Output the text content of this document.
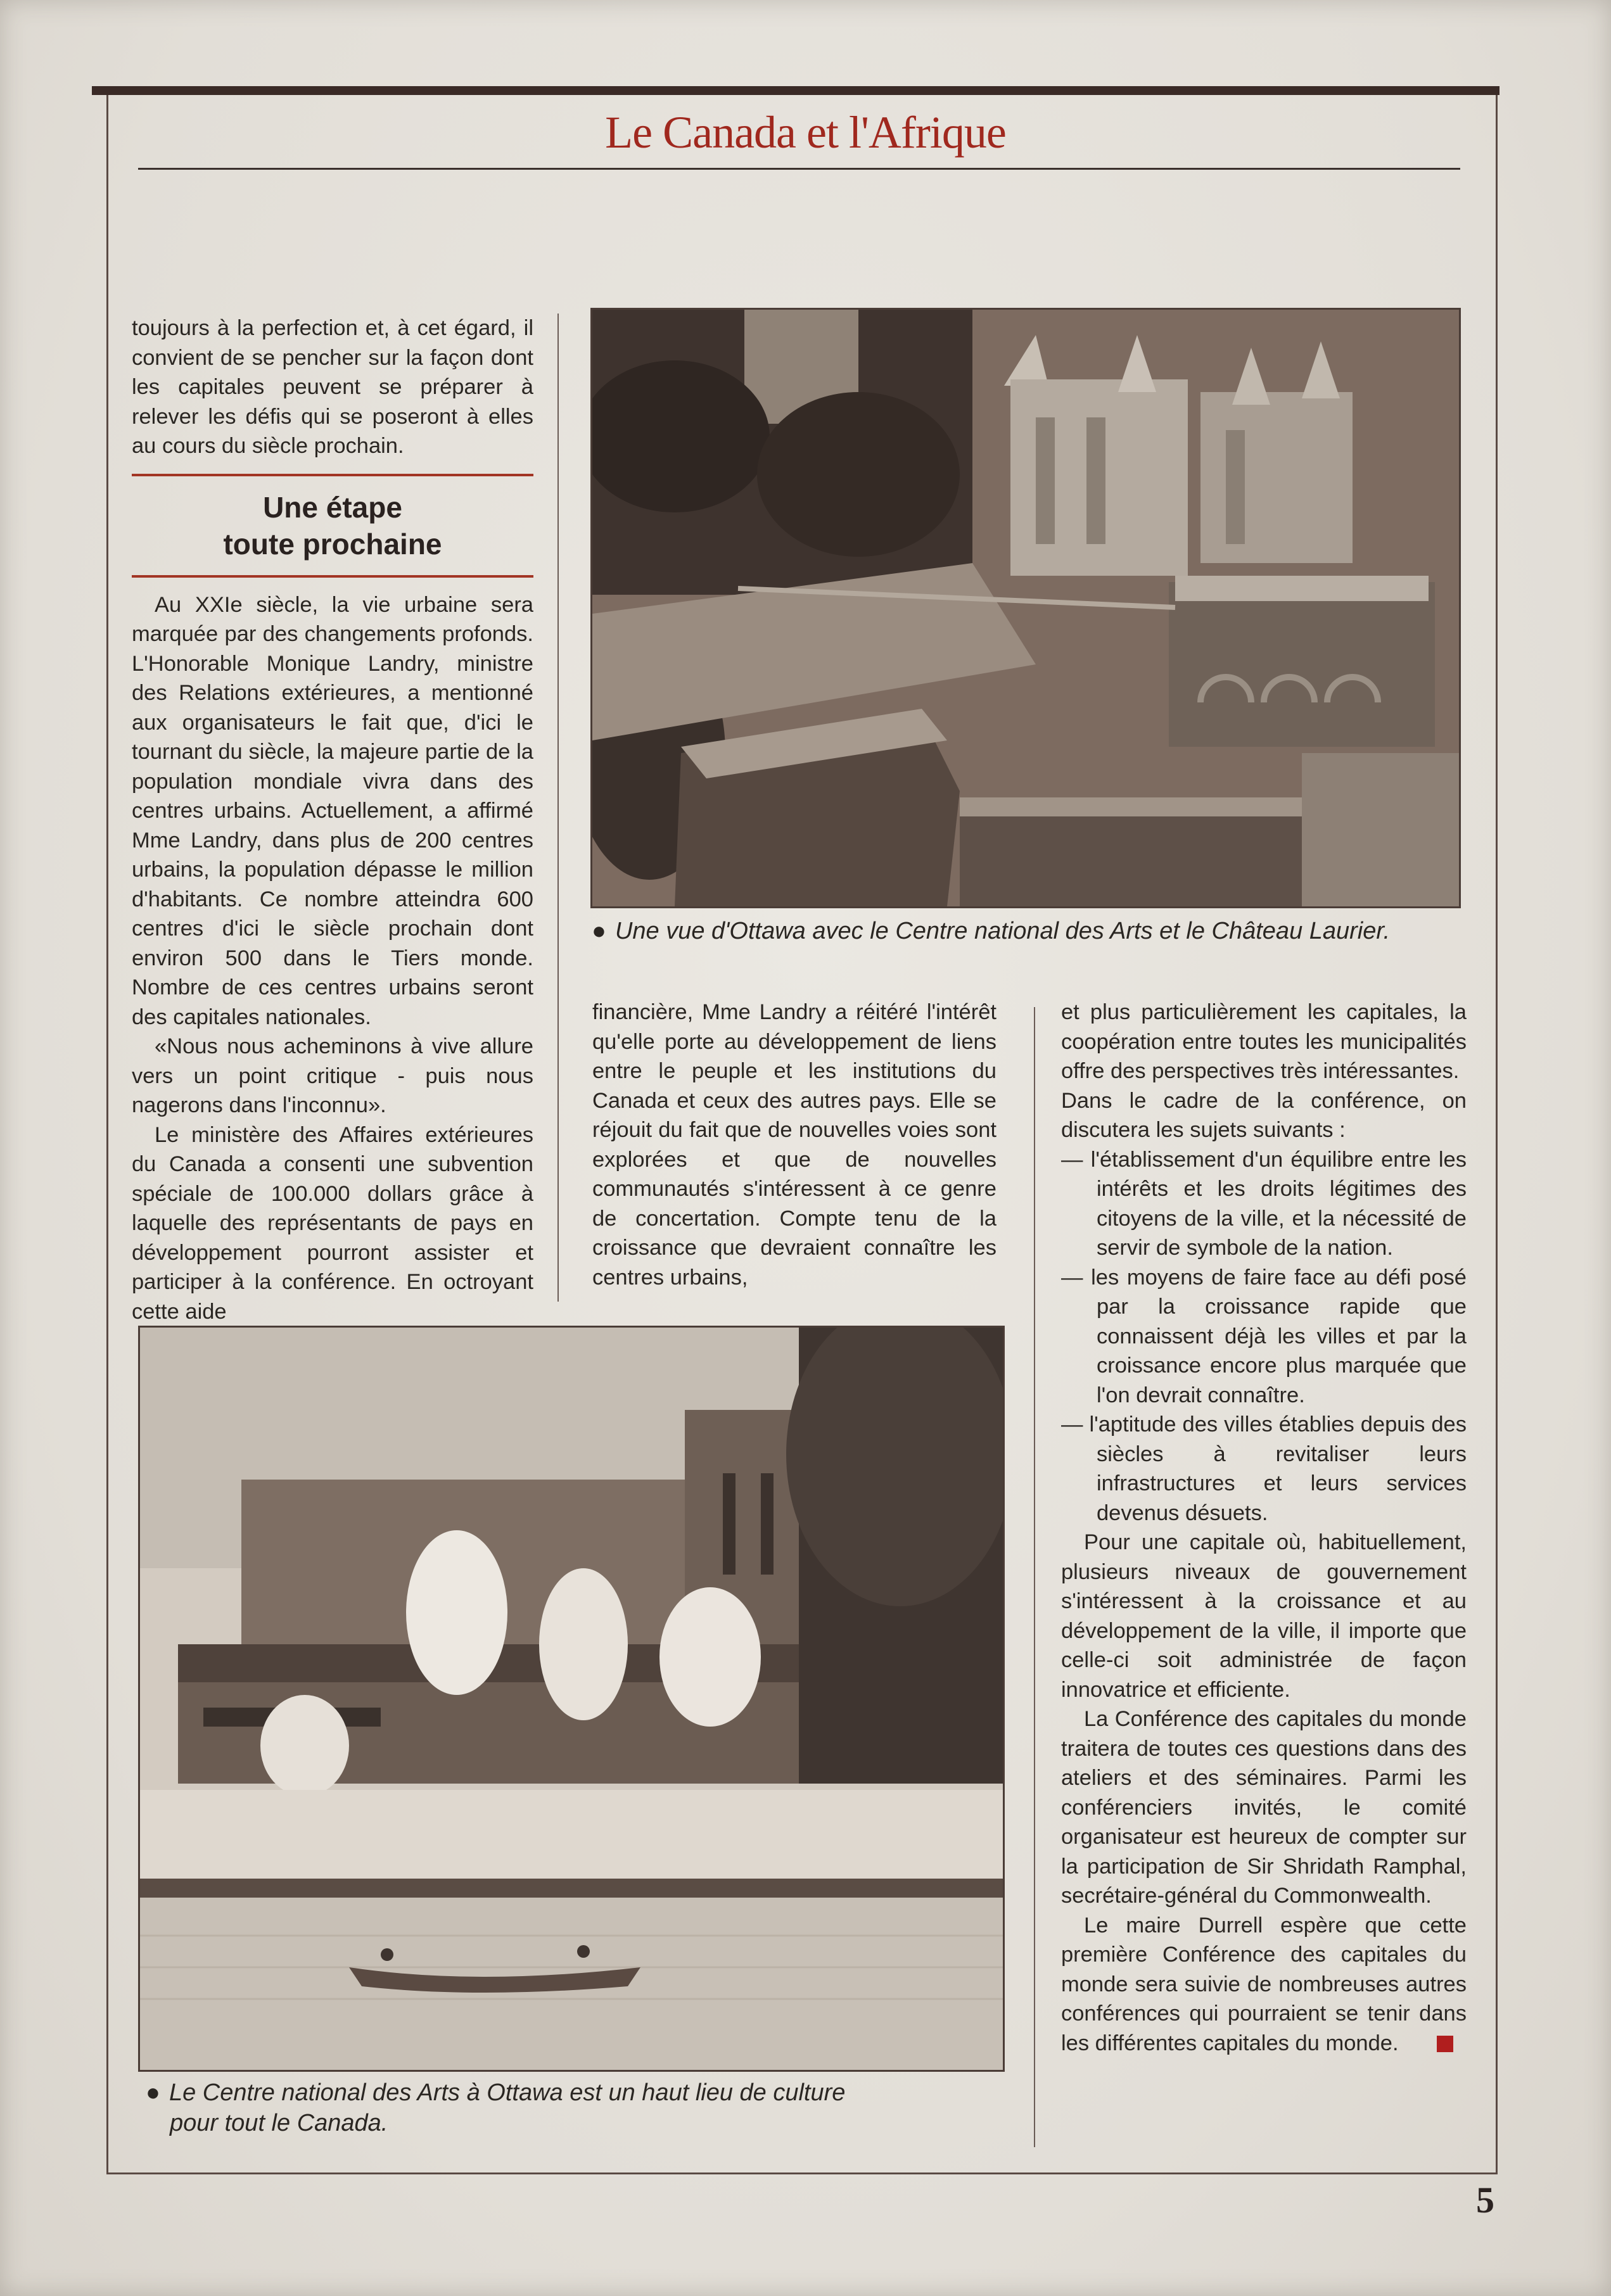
Le Canada et l'Afrique

toujours à la perfection et, à cet égard, il convient de se pencher sur la façon dont les capitales peuvent se préparer à relever les défis qui se poseront à elles au cours du siècle prochain.

Une étape
toute prochaine

Au XXIe siècle, la vie urbaine sera marquée par des changements profonds. L'Honorable Monique Landry, ministre des Relations extérieures, a mentionné aux organisateurs le fait que, d'ici le tournant du siècle, la majeure partie de la population mondiale vivra dans des centres urbains. Actuellement, a affirmé Mme Landry, dans plus de 200 centres urbains, la population dépasse le million d'habitants. Ce nombre atteindra 600 centres d'ici le siècle prochain dont environ 500 dans le Tiers monde. Nombre de ces centres urbains seront des capitales nationales.

«Nous nous acheminons à vive allure vers un point critique - puis nous nagerons dans l'inconnu».

Le ministère des Affaires extérieures du Canada a consenti une subvention spéciale de 100.000 dollars grâce à laquelle des représentants de pays en développement pourront assister et participer à la conférence. En octroyant cette aide

● Une vue d'Ottawa avec le Centre national des Arts et le Château Laurier.

financière, Mme Landry a réitéré l'intérêt qu'elle porte au développement de liens entre le peuple et les institutions du Canada et ceux des autres pays. Elle se réjouit du fait que de nouvelles voies sont explorées et que de nouvelles communautés s'intéressent à ce genre de concertation. Compte tenu de la croissance que devraient connaître les centres urbains,

et plus particulièrement les capitales, la coopération entre toutes les municipalités offre des perspectives très intéressantes.

Dans le cadre de la conférence, on discutera les sujets suivants :

— l'établissement d'un équilibre entre les intérêts et les droits légitimes des citoyens de la ville, et la nécessité de servir de symbole de la nation.

— les moyens de faire face au défi posé par la croissance rapide que connaissent déjà les villes et par la croissance encore plus marquée que l'on devrait connaître.

— l'aptitude des villes établies depuis des siècles à revitaliser leurs infrastructures et leurs services devenus désuets.

Pour une capitale où, habituellement, plusieurs niveaux de gouvernement s'intéressent à la croissance et au développement de la ville, il importe que celle-ci soit administrée de façon innovatrice et efficiente.

La Conférence des capitales du monde traitera de toutes ces questions dans des ateliers et des séminaires. Parmi les conférenciers invités, le comité organisateur est heureux de compter sur la participation de Sir Shridath Ramphal, secrétaire-général du Commonwealth.

Le maire Durrell espère que cette première Conférence des capitales du monde sera suivie de nombreuses autres conférences qui pourraient se tenir dans les différentes capitales du monde.

● Le Centre national des Arts à Ottawa est un haut lieu de culture
pour tout le Canada.
5
